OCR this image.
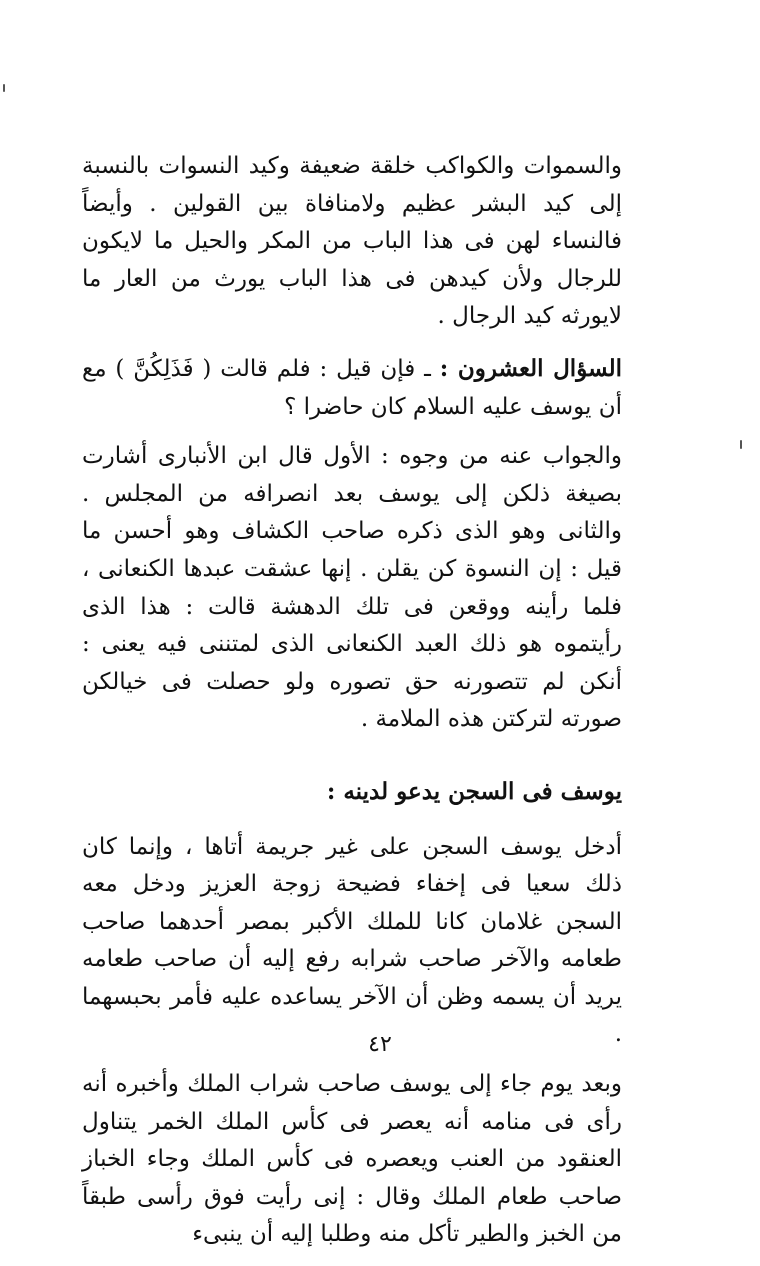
والسموات والكواكب خلقة ضعيفة وكيد النسوات بالنسبة إلى كيد البشر عظيم ولامنافاة بين القولين . وأيضاً فالنساء لهن فى هذا الباب من المكر والحيل ما لايكون للرجال ولأن كيدهن فى هذا الباب يورث من العار ما لايورثه كيد الرجال .

السؤال العشرون : ـ فإن قيل : فلم قالت ( فَذَلِكُنَّ ) مع أن يوسف عليه السلام كان حاضرا ؟

والجواب عنه من وجوه : الأول قال ابن الأنبارى أشارت بصيغة ذلكن إلى يوسف بعد انصرافه من المجلس . والثانى وهو الذى ذكره صاحب الكشاف وهو أحسن ما قيل : إن النسوة كن يقلن . إنها عشقت عبدها الكنعانى ، فلما رأينه ووقعن فى تلك الدهشة قالت : هذا الذى رأيتموه هو ذلك العبد الكنعانى الذى لمتننى فيه يعنى : أنكن لم تتصورنه حق تصوره ولو حصلت فى خيالكن صورته لتركتن هذه الملامة .

يوسف فى السجن يدعو لدينه :

أدخل يوسف السجن على غير جريمة أتاها ، وإنما كان ذلك سعيا فى إخفاء فضيحة زوجة العزيز ودخل معه السجن غلامان كانا للملك الأكبر بمصر أحدهما صاحب طعامه والآخر صاحب شرابه رفع إليه أن صاحب طعامه يريد أن يسمه وظن أن الآخر يساعده عليه فأمر بحبسهما .

وبعد يوم جاء إلى يوسف صاحب شراب الملك وأخبره أنه رأى فى منامه أنه يعصر فى كأس الملك الخمر يتناول العنقود من العنب ويعصره فى كأس الملك وجاء الخباز صاحب طعام الملك وقال : إنى رأيت فوق رأسى طبقاً من الخبز والطير تأكل منه وطلبا إليه أن ينبىء

٤٢
